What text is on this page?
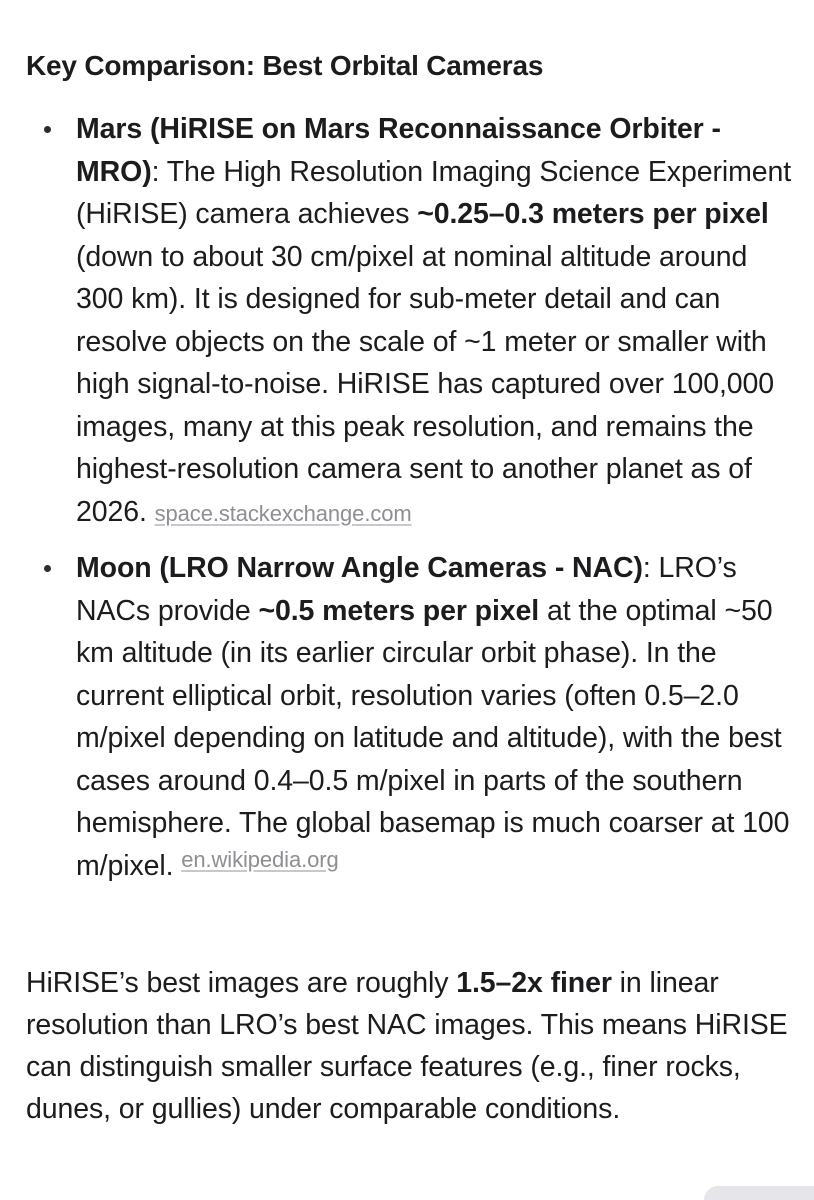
Key Comparison: Best Orbital Cameras
Mars (HiRISE on Mars Reconnaissance Orbiter - MRO): The High Resolution Imaging Science Experiment (HiRISE) camera achieves ~0.25–0.3 meters per pixel (down to about 30 cm/pixel at nominal altitude around 300 km). It is designed for sub-meter detail and can resolve objects on the scale of ~1 meter or smaller with high signal-to-noise. HiRISE has captured over 100,000 images, many at this peak resolution, and remains the highest-resolution camera sent to another planet as of 2026. space.stackexchange.com
Moon (LRO Narrow Angle Cameras - NAC): LRO’s NACs provide ~0.5 meters per pixel at the optimal ~50 km altitude (in its earlier circular orbit phase). In the current elliptical orbit, resolution varies (often 0.5–2.0 m/pixel depending on latitude and altitude), with the best cases around 0.4–0.5 m/pixel in parts of the southern hemisphere. The global basemap is much coarser at 100 m/pixel. en.wikipedia.org

HiRISE’s best images are roughly 1.5–2x finer in linear resolution than LRO’s best NAC images. This means HiRISE can distinguish smaller surface features (e.g., finer rocks, dunes, or gullies) under comparable conditions.
